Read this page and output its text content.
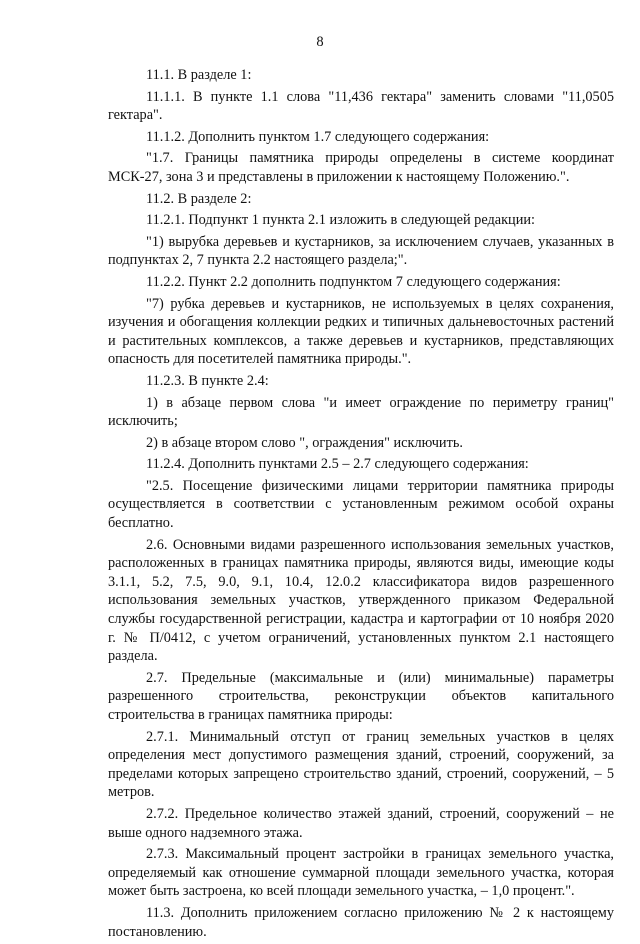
8

11.1. В разделе 1:

11.1.1. В пункте 1.1 слова "11,436 гектара" заменить словами "11,0505 гектара".

11.1.2. Дополнить пунктом 1.7 следующего содержания:

"1.7. Границы памятника природы определены в системе координат МСК-27, зона 3 и представлены в приложении к настоящему Положению.".

11.2. В разделе 2:

11.2.1. Подпункт 1 пункта 2.1 изложить в следующей редакции:

"1) вырубка деревьев и кустарников, за исключением случаев, указанных в подпунктах 2, 7 пункта 2.2 настоящего раздела;".

11.2.2. Пункт 2.2 дополнить подпунктом 7 следующего содержания:

"7) рубка деревьев и кустарников, не используемых в целях сохранения, изучения и обогащения коллекции редких и типичных дальневосточных растений и растительных комплексов, а также деревьев и кустарников, представляющих опасность для посетителей памятника природы.".

11.2.3. В пункте 2.4:

1) в абзаце первом слова "и имеет ограждение по периметру границ" исключить;

2) в абзаце втором слово ", ограждения" исключить.

11.2.4. Дополнить пунктами 2.5 – 2.7 следующего содержания:

"2.5. Посещение физическими лицами территории памятника природы осуществляется в соответствии с установленным режимом особой охраны бесплатно.

2.6. Основными видами разрешенного использования земельных участков, расположенных в границах памятника природы, являются виды, имеющие коды 3.1.1, 5.2, 7.5, 9.0, 9.1, 10.4, 12.0.2 классификатора видов разрешенного использования земельных участков, утвержденного приказом Федеральной службы государственной регистрации, кадастра и картографии от 10 ноября 2020 г. № П/0412, с учетом ограничений, установленных пунктом 2.1 настоящего раздела.

2.7. Предельные (максимальные и (или) минимальные) параметры разрешенного строительства, реконструкции объектов капитального строительства в границах памятника природы:

2.7.1. Минимальный отступ от границ земельных участков в целях определения мест допустимого размещения зданий, строений, сооружений, за пределами которых запрещено строительство зданий, строений, сооружений, – 5 метров.

2.7.2. Предельное количество этажей зданий, строений, сооружений – не выше одного надземного этажа.

2.7.3. Максимальный процент застройки в границах земельного участка, определяемый как отношение суммарной площади земельного участка, которая может быть застроена, ко всей площади земельного участка, – 1,0 процент.".

11.3. Дополнить приложением согласно приложению № 2 к настоящему постановлению.
